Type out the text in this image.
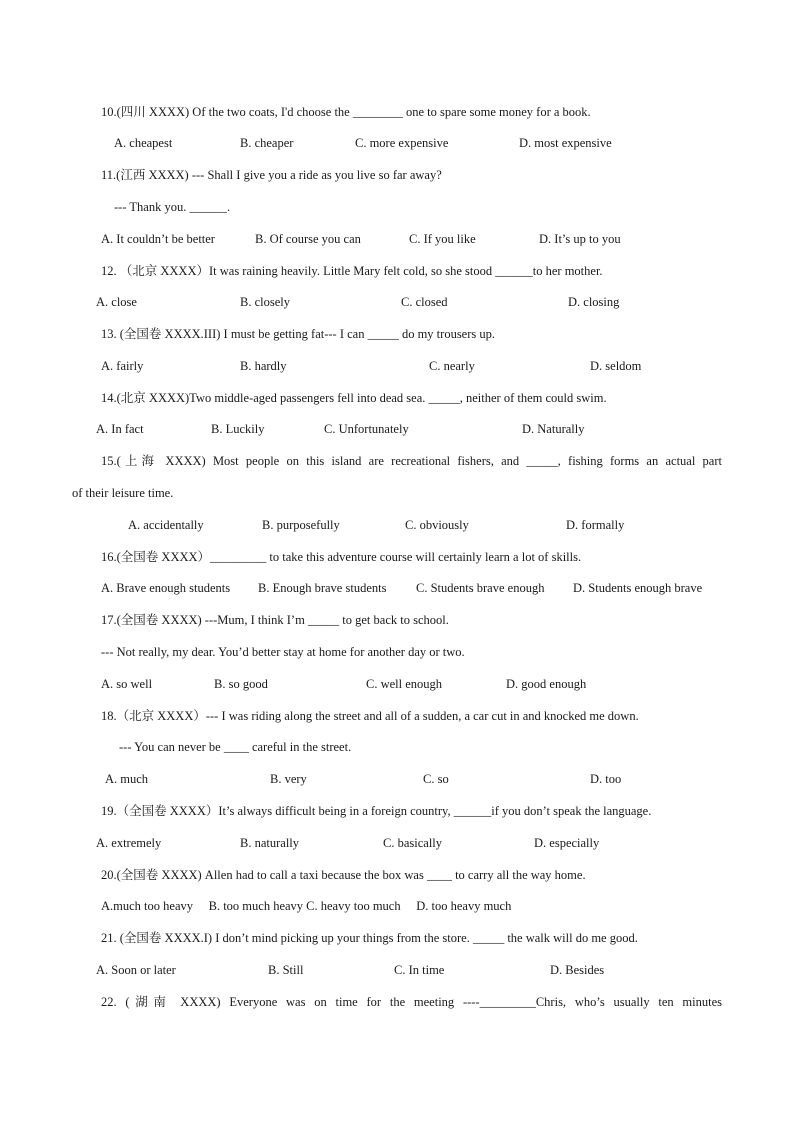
10.(四川 XXXX) Of the two coats, I'd choose the ________ one to spare some money for a book.
A. cheapest	B. cheaper	C. more expensive	D. most expensive
11.(江西 XXXX) --- Shall I give you a ride as you live so far away?
--- Thank you. ______.
A. It couldn’t be better	B. Of course you can	C. If you like	D. It’s up to you
12. （北京 XXXX）It was raining heavily. Little Mary felt cold, so she stood ______to her mother.
A. close	B. closely	C. closed	D. closing
13. (全国卷 XXXX.III) I must be getting fat--- I can _____ do my trousers up.
A. fairly	B. hardly	C. nearly	D. seldom
14.(北京 XXXX)Two middle-aged passengers fell into dead sea. _____, neither of them could swim.
A. In fact	B. Luckily	C. Unfortunately	D. Naturally
15.(上海 XXXX) Most people on this island are recreational fishers, and _____, fishing forms an actual part
of their leisure time.
A. accidentally	B. purposefully	C. obviously	D. formally
16.(全国卷 XXXX）_________ to take this adventure course will certainly learn a lot of skills.
A. Brave enough students B. Enough brave students C. Students brave enough D. Students enough brave
17.(全国卷 XXXX) ---Mum, I think I’m _____ to get back to school.
--- Not really, my dear. You’d better stay at home for another day or two.
A. so well	B. so good	C. well enough	D. good enough
18.（北京 XXXX）--- I was riding along the street and all of a sudden, a car cut in and knocked me down.
--- You can never be ____ careful in the street.
A. much	B. very	C. so	D. too
19.（全国卷 XXXX）It’s always difficult being in a foreign country, ______if you don’t speak the language.
A. extremely	B. naturally	C. basically	D. especially
20.(全国卷 XXXX) Allen had to call a taxi because the box was ____ to carry all the way home.
A.much too heavy     B. too much heavy C. heavy too much     D. too heavy much
21. (全国卷 XXXX.I) I don’t mind picking up your things from the store. _____ the walk will do me good.
A. Soon or later	B. Still	C. In time	D. Besides
22. (湖南 XXXX) Everyone was on time for the meeting ----_________Chris, who’s usually ten minutes
